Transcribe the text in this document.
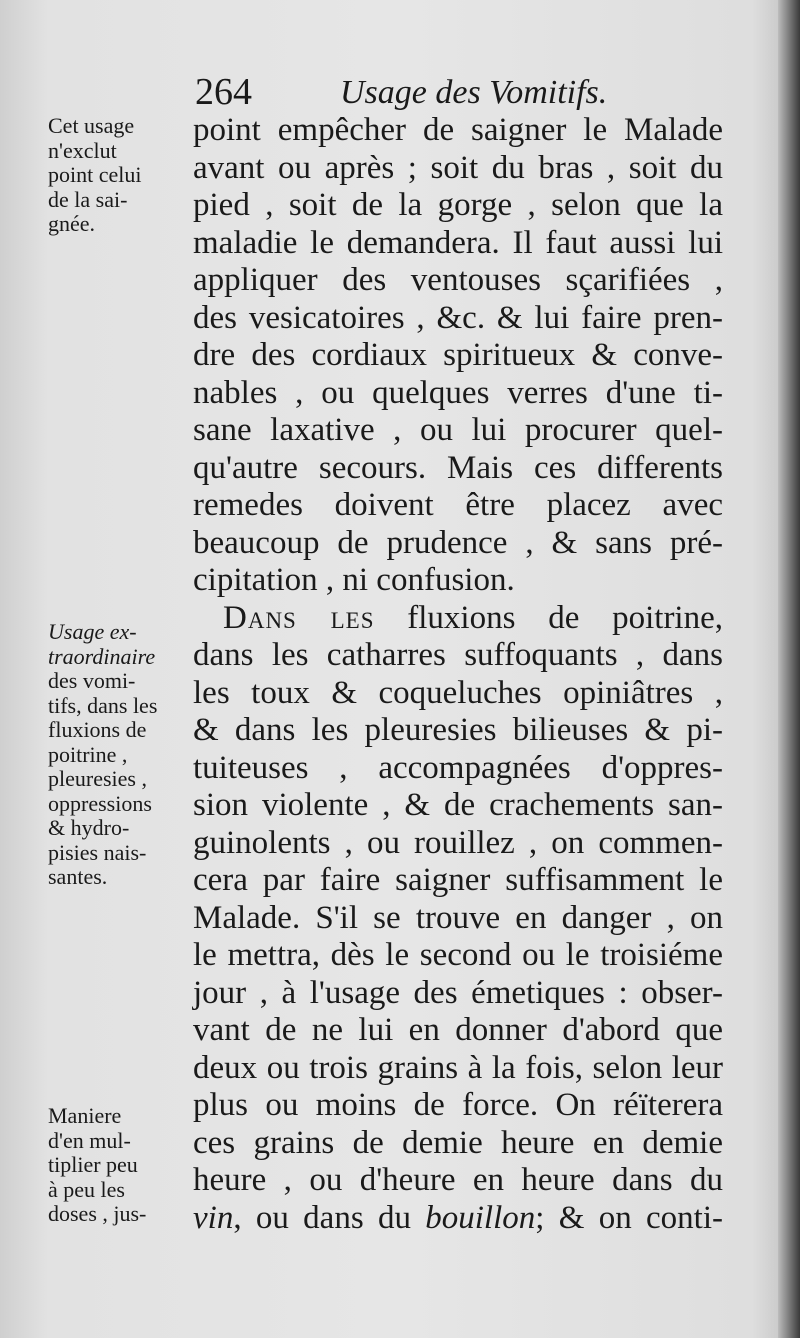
264	Usage des Vomitifs.
Cet usage
n'exclut
point celui
de la sai-
gnée.
Usage ex-
traordinaire
des vomi-
tifs, dans les
fluxions de
poitrine ,
pleuresies ,
oppressions
& hydro-
pisies nais-
santes.
Maniere
d'en mul-
tiplier peu
à peu les
doses , jus-
point empêcher de saigner le Malade
avant ou après ; soit du bras , soit du
pied , soit de la gorge , selon que la
maladie le demandera. Il faut aussi lui
appliquer des ventouses sçarifiées ,
des vesicatoires , &c. & lui faire pren-
dre des cordiaux spiritueux & conve-
nables , ou quelques verres d'une ti-
sane laxative , ou lui procurer quel-
qu'autre secours. Mais ces differents
remedes doivent être placez avec
beaucoup de prudence , & sans pré-
cipitation , ni confusion.
Dans les fluxions de poitrine,
dans les catharres suffoquants , dans
les toux & coqueluches opiniâtres ,
& dans les pleuresies bilieuses & pi-
tuiteuses , accompagnées d'oppres-
sion violente , & de crachements san-
guinolents , ou rouillez , on commen-
cera par faire saigner suffisamment le
Malade. S'il se trouve en danger , on
le mettra, dès le second ou le troisiéme
jour , à l'usage des émetiques : obser-
vant de ne lui en donner d'abord que
deux ou trois grains à la fois, selon leur
plus ou moins de force. On réïterera
ces grains de demie heure en demie
heure , ou d'heure en heure dans du
vin, ou dans du bouillon; & on conti-
